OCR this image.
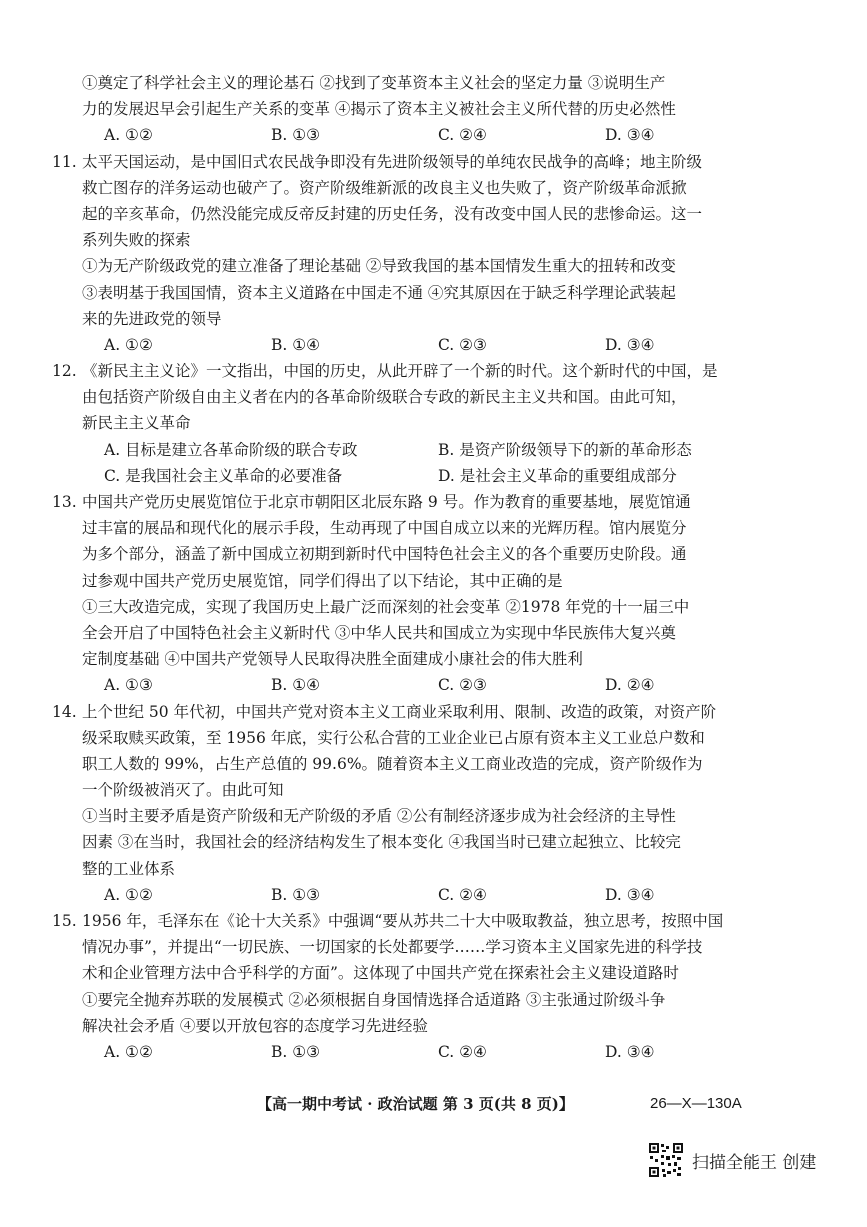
①奠定了科学社会主义的理论基石 ②找到了变革资本主义社会的坚定力量 ③说明生产
力的发展迟早会引起生产关系的变革 ④揭示了资本主义被社会主义所代替的历史必然性
A. ①②	B. ①③	C. ②④	D. ③④
11. 太平天国运动，是中国旧式农民战争即没有先进阶级领导的单纯农民战争的高峰；地主阶级
救亡图存的洋务运动也破产了。资产阶级维新派的改良主义也失败了，资产阶级革命派掀
起的辛亥革命，仍然没能完成反帝反封建的历史任务，没有改变中国人民的悲惨命运。这一
系列失败的探索
①为无产阶级政党的建立准备了理论基础 ②导致我国的基本国情发生重大的扭转和改变
③表明基于我国国情，资本主义道路在中国走不通 ④究其原因在于缺乏科学理论武装起
来的先进政党的领导
A. ①②	B. ①④	C. ②③	D. ③④
12. 《新民主主义论》一文指出，中国的历史，从此开辟了一个新的时代。这个新时代的中国，是
由包括资产阶级自由主义者在内的各革命阶级联合专政的新民主主义共和国。由此可知，
新民主主义革命
A. 目标是建立各革命阶级的联合专政	B. 是资产阶级领导下的新的革命形态
C. 是我国社会主义革命的必要准备	D. 是社会主义革命的重要组成部分
13. 中国共产党历史展览馆位于北京市朝阳区北辰东路 9 号。作为教育的重要基地，展览馆通
过丰富的展品和现代化的展示手段，生动再现了中国自成立以来的光辉历程。馆内展览分
为多个部分，涵盖了新中国成立初期到新时代中国特色社会主义的各个重要历史阶段。通
过参观中国共产党历史展览馆，同学们得出了以下结论，其中正确的是
①三大改造完成，实现了我国历史上最广泛而深刻的社会变革 ②1978 年党的十一届三中
全会开启了中国特色社会主义新时代 ③中华人民共和国成立为实现中华民族伟大复兴奠
定制度基础 ④中国共产党领导人民取得决胜全面建成小康社会的伟大胜利
A. ①③	B. ①④	C. ②③	D. ②④
14. 上个世纪 50 年代初，中国共产党对资本主义工商业采取利用、限制、改造的政策，对资产阶
级采取赎买政策，至 1956 年底，实行公私合营的工业企业已占原有资本主义工业总户数和
职工人数的 99%，占生产总值的 99.6%。随着资本主义工商业改造的完成，资产阶级作为
一个阶级被消灭了。由此可知
①当时主要矛盾是资产阶级和无产阶级的矛盾 ②公有制经济逐步成为社会经济的主导性
因素 ③在当时，我国社会的经济结构发生了根本变化 ④我国当时已建立起独立、比较完
整的工业体系
A. ①②	B. ①③	C. ②④	D. ③④
15. 1956 年，毛泽东在《论十大关系》中强调“要从苏共二十大中吸取教益，独立思考，按照中国
情况办事”，并提出“一切民族、一切国家的长处都要学……学习资本主义国家先进的科学技
术和企业管理方法中合乎科学的方面”。这体现了中国共产党在探索社会主义建设道路时
①要完全抛弃苏联的发展模式 ②必须根据自身国情选择合适道路 ③主张通过阶级斗争
解决社会矛盾 ④要以开放包容的态度学习先进经验
A. ①②	B. ①③	C. ②④	D. ③④
【高一期中考试 · 政治试题 第 3 页(共 8 页)】	26—X—130A
扫描全能王 创建
